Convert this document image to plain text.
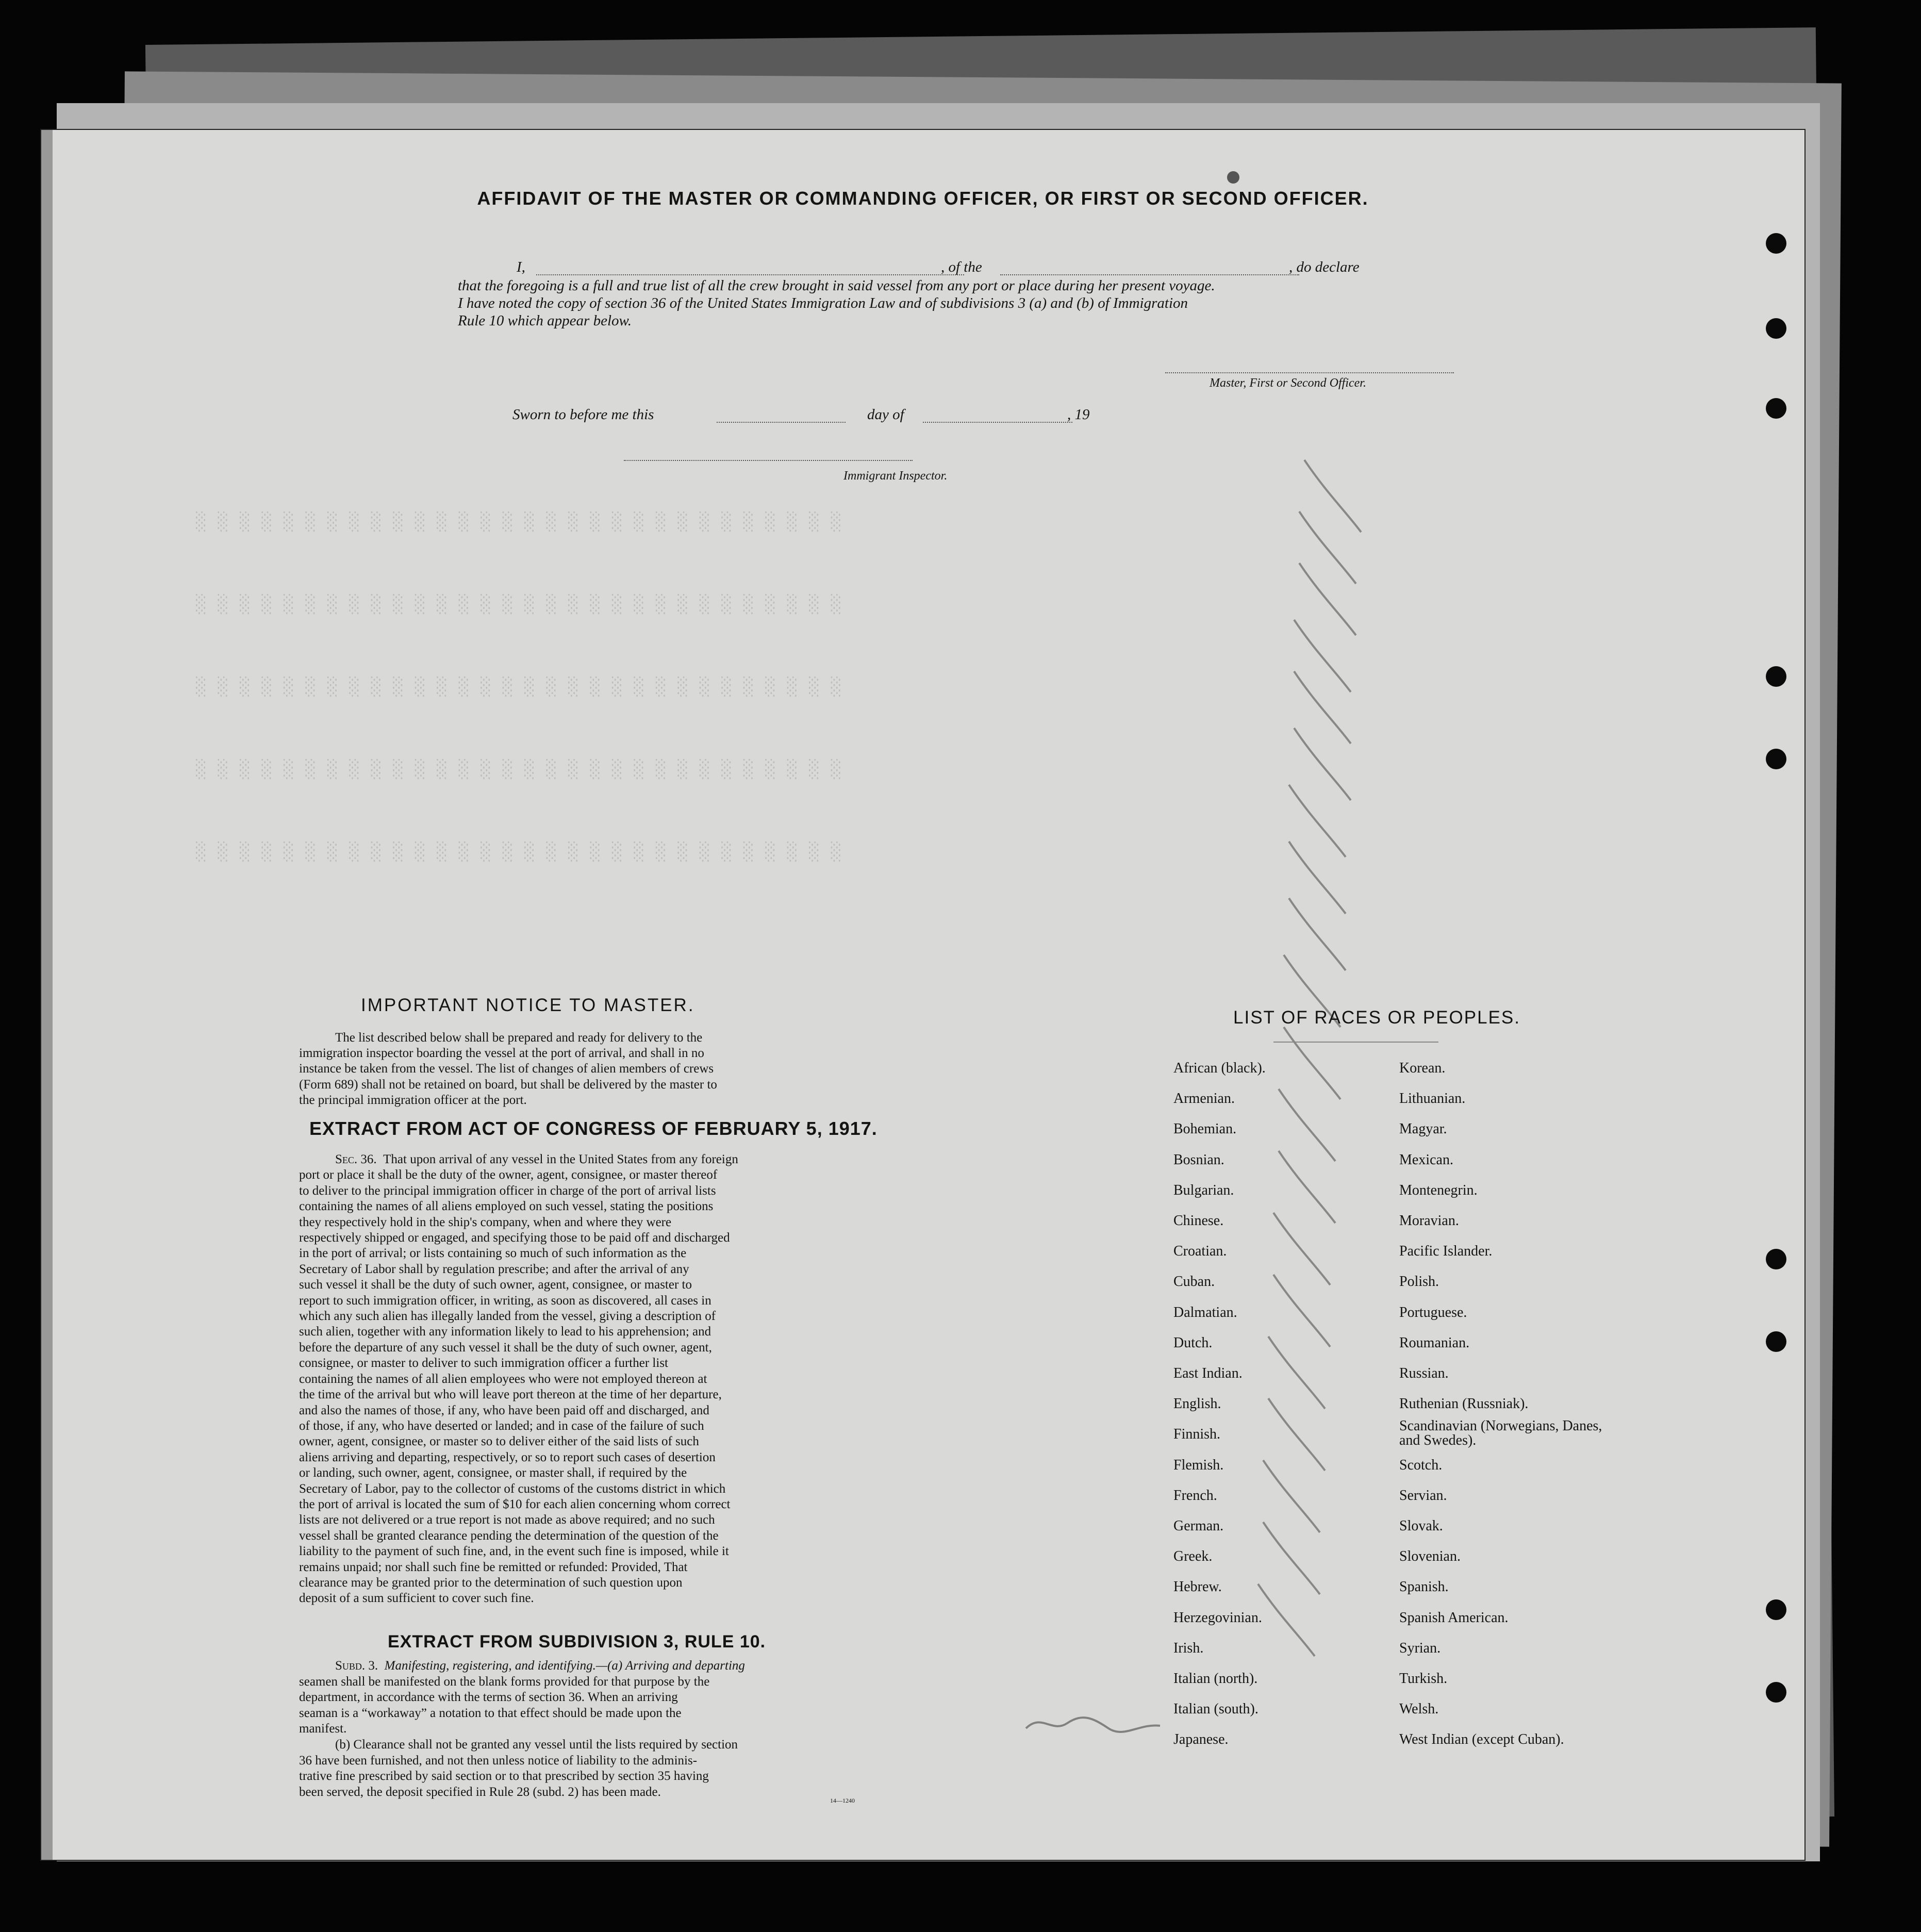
░░░░░░░░░░░░░░░░░░░░░░░░░░░░░░
░░░░░░░░░░░░░░░░░░░░░░░░░░░░░░
░░░░░░░░░░░░░░░░░░░░░░░░░░░░░░
░░░░░░░░░░░░░░░░░░░░░░░░░░░░░░
░░░░░░░░░░░░░░░░░░░░░░░░░░░░░░
AFFIDAVIT OF THE MASTER OR COMMANDING OFFICER, OR FIRST OR SECOND OFFICER.
I,	, of the	, do declare
that the foregoing is a full and true list of all the crew brought in said vessel from any port or place during her present voyage.
I have noted the copy of section 36 of the United States Immigration Law and of subdivisions 3 (a) and (b) of Immigration
Rule 10 which appear below.
Master, First or Second Officer.
Sworn to before me this	day of	, 19
Immigrant Inspector.
IMPORTANT NOTICE TO MASTER.

The list described below shall be prepared and ready for delivery to the

immigration inspector boarding the vessel at the port of arrival, and shall in no
instance be taken from the vessel. The list of changes of alien members of crews
(Form 689) shall not be retained on board, but shall be delivered by the master to
the principal immigration officer at the port.
EXTRACT FROM ACT OF CONGRESS OF FEBRUARY 5, 1917.
Sec. 36. That upon arrival of any vessel in the United States from any foreign
port or place it shall be the duty of the owner, agent, consignee, or master thereof
to deliver to the principal immigration officer in charge of the port of arrival lists
containing the names of all aliens employed on such vessel, stating the positions
they respectively hold in the ship's company, when and where they were
respectively shipped or engaged, and specifying those to be paid off and discharged
in the port of arrival; or lists containing so much of such information as the
Secretary of Labor shall by regulation prescribe; and after the arrival of any
such vessel it shall be the duty of such owner, agent, consignee, or master to
report to such immigration officer, in writing, as soon as discovered, all cases in
which any such alien has illegally landed from the vessel, giving a description of
such alien, together with any information likely to lead to his apprehension; and
before the departure of any such vessel it shall be the duty of such owner, agent,
consignee, or master to deliver to such immigration officer a further list
containing the names of all alien employees who were not employed thereon at
the time of the arrival but who will leave port thereon at the time of her departure,
and also the names of those, if any, who have been paid off and discharged, and
of those, if any, who have deserted or landed; and in case of the failure of such
owner, agent, consignee, or master so to deliver either of the said lists of such
aliens arriving and departing, respectively, or so to report such cases of desertion
or landing, such owner, agent, consignee, or master shall, if required by the
Secretary of Labor, pay to the collector of customs of the customs district in which
the port of arrival is located the sum of $10 for each alien concerning whom correct
lists are not delivered or a true report is not made as above required; and no such
vessel shall be granted clearance pending the determination of the question of the
liability to the payment of such fine, and, in the event such fine is imposed, while it
remains unpaid; nor shall such fine be remitted or refunded: Provided, That
clearance may be granted prior to the determination of such question upon
deposit of a sum sufficient to cover such fine.
EXTRACT FROM SUBDIVISION 3, RULE 10.
Subd. 3. Manifesting, registering, and identifying.—(a) Arriving and departing
seamen shall be manifested on the blank forms provided for that purpose by the
department, in accordance with the terms of section 36. When an arriving
seaman is a “workaway” a notation to that effect should be made upon the
manifest.
(b) Clearance shall not be granted any vessel until the lists required by section
36 have been furnished, and not then unless notice of liability to the adminis-
trative fine prescribed by said section or to that prescribed by section 35 having
been served, the deposit specified in Rule 28 (subd. 2) has been made.
14—1240
LIST OF RACES OR PEOPLES.
African (black).
Armenian.
Bohemian.
Bosnian.
Bulgarian.
Chinese.
Croatian.
Cuban.
Dalmatian.
Dutch.
East Indian.
English.
Finnish.
Flemish.
French.
German.
Greek.
Hebrew.
Herzegovinian.
Irish.
Italian (north).
Italian (south).
Japanese.
Korean.
Lithuanian.
Magyar.
Mexican.
Montenegrin.
Moravian.
Pacific Islander.
Polish.
Portuguese.
Roumanian.
Russian.
Ruthenian (Russniak).
Scandinavian (Norwegians, Danes, and Swedes).
Scotch.
Servian.
Slovak.
Slovenian.
Spanish.
Spanish American.
Syrian.
Turkish.
Welsh.
West Indian (except Cuban).
